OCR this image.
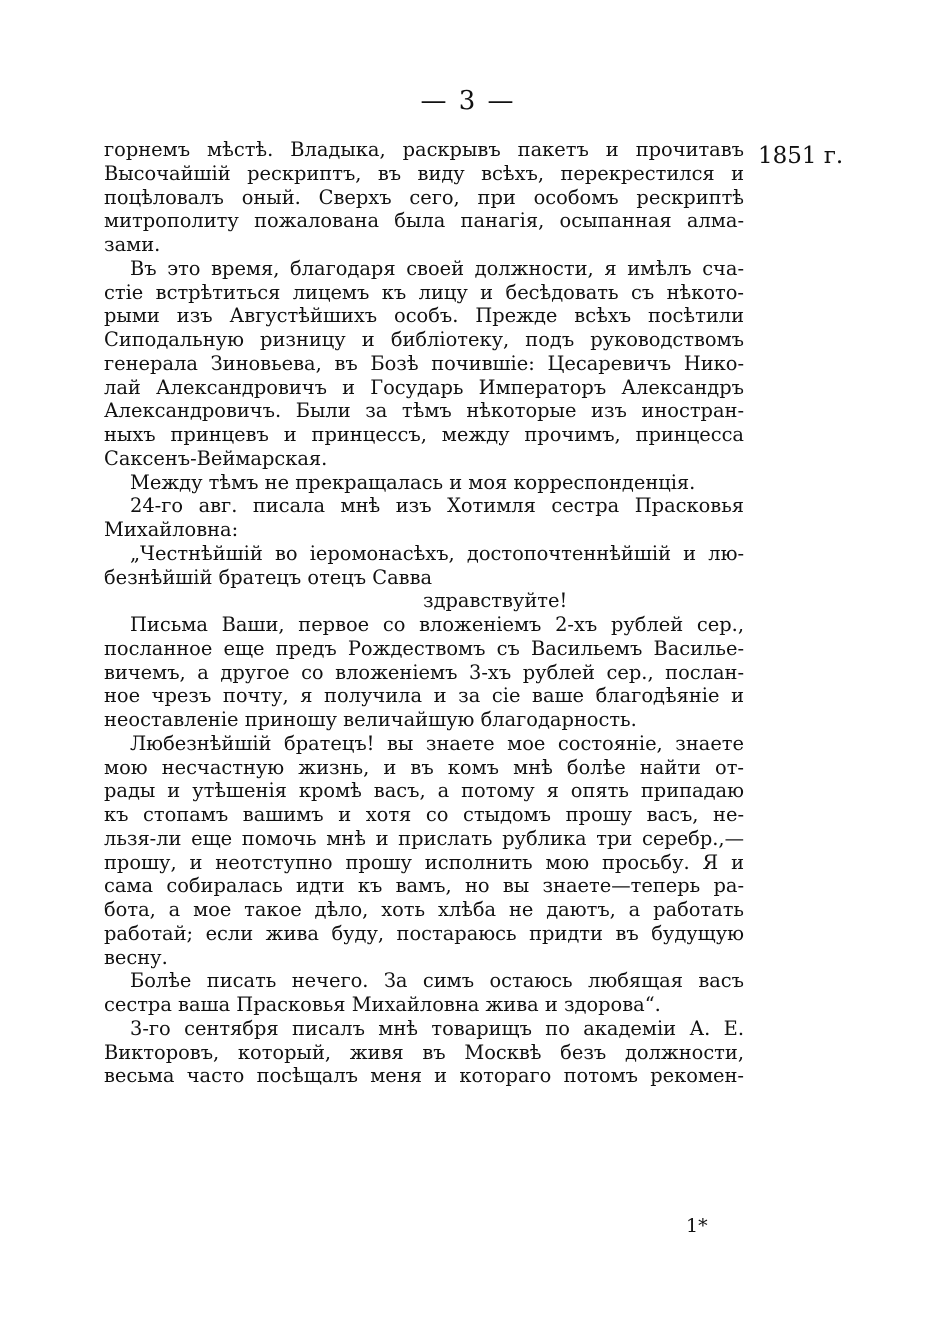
— 3 —
1851 г.
горнемъ мѣстѣ. Владыка, раскрывъ пакетъ и прочитавъ
Высочайшій рескриптъ, въ виду всѣхъ, перекрестился и
поцѣловалъ оный. Сверхъ сего, при особомъ рескриптѣ
митрополиту пожалована была панагія, осыпанная алма-
зами.
Въ это время, благодаря своей должности, я имѣлъ сча-
стіе встрѣтиться лицемъ къ лицу и бесѣдовать съ нѣкото-
рыми изъ Августѣйшихъ особъ. Прежде всѣхъ посѣтили
Сиподальную ризницу и библіотеку, подъ руководствомъ
генерала Зиновьева, въ Бозѣ почившіе: Цесаревичъ Нико-
лай Александровичъ и Государь Императоръ Александръ
Александровичъ. Были за тѣмъ нѣкоторые изъ иностран-
ныхъ принцевъ и принцессъ, между прочимъ, принцесса
Саксенъ-Веймарская.
Между тѣмъ не прекращалась и моя корреспонденція.
24-го авг. писала мнѣ изъ Хотимля сестра Прасковья
Михайловна:
„Честнѣйшій во іеромонасѣхъ, достопочтеннѣйшій и лю-
безнѣйшій братецъ отецъ Савва
здравствуйте!
Письма Ваши, первое со вложеніемъ 2-хъ рублей сер.,
посланное еще предъ Рождествомъ съ Васильемъ Василье-
вичемъ, а другое со вложеніемъ 3-хъ рублей сер., послан-
ное чрезъ почту, я получила и за сіе ваше благодѣяніе и
неоставленіе приношу величайшую благодарность.
Любезнѣйшій братецъ! вы знаете мое состояніе, знаете
мою несчастную жизнь, и въ комъ мнѣ болѣе найти от-
рады и утѣшенія кромѣ васъ, а потому я опять припадаю
къ стопамъ вашимъ и хотя со стыдомъ прошу васъ, не-
льзя-ли еще помочь мнѣ и прислать рублика три серебр.,—
прошу, и неотступно прошу исполнить мою просьбу. Я и
сама собиралась идти къ вамъ, но вы знаете—теперь ра-
бота, а мое такое дѣло, хоть хлѣба не даютъ, а работать
работай; если жива буду, постараюсь придти въ будущую
весну.
Болѣе писать нечего. За симъ остаюсь любящая васъ
сестра ваша Прасковья Михайловна жива и здорова“.
3-го сентября писалъ мнѣ товарищъ по академіи А. Е.
Викторовъ, который, живя въ Москвѣ безъ должности,
весьма часто посѣщалъ меня и котораго потомъ рекомен-
1*
